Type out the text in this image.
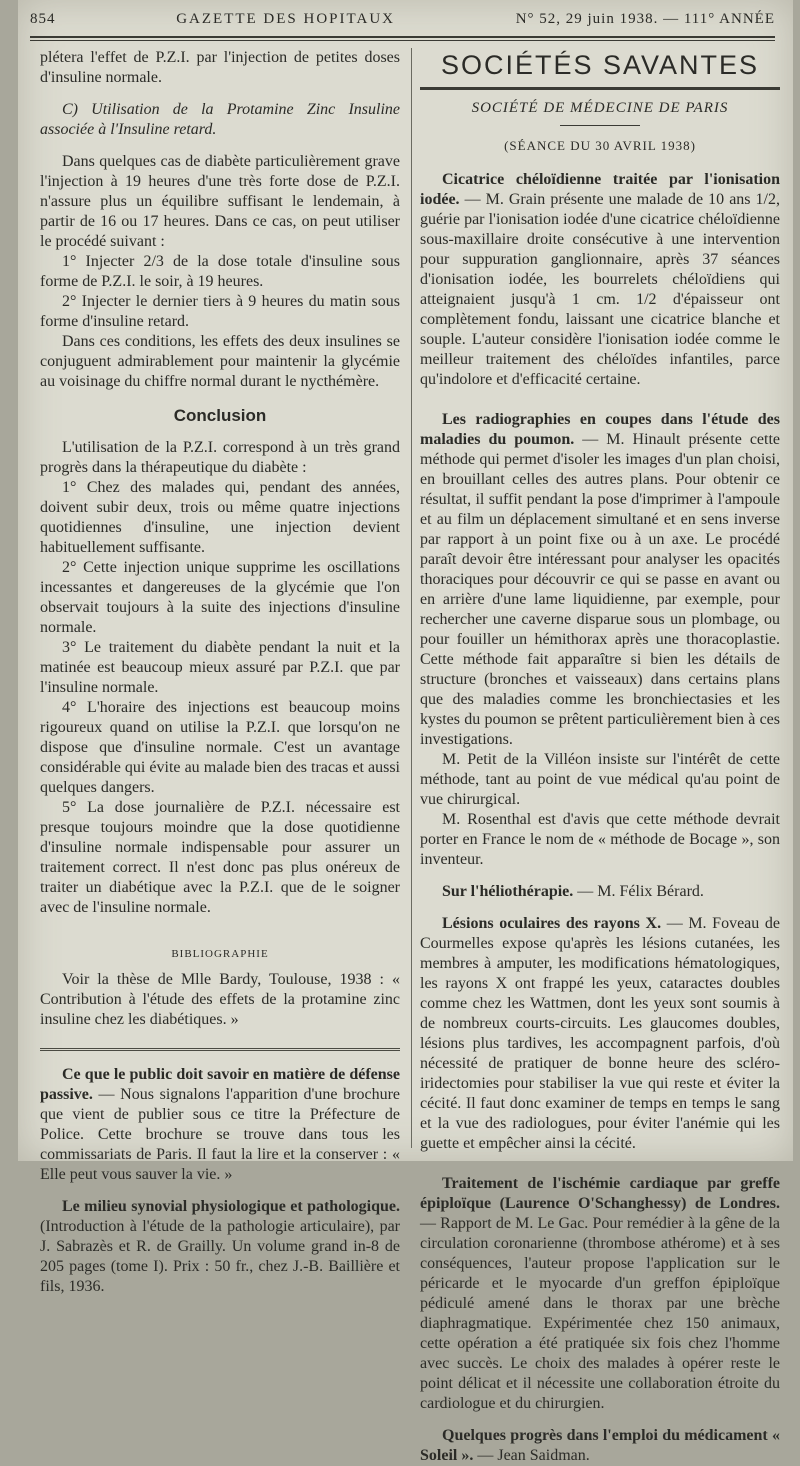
854	GAZETTE DES HOPITAUX	N° 52, 29 juin 1938. — 111° ANNÉE

plétera l'effet de P.Z.I. par l'injection de petites doses d'insuline normale.

C) Utilisation de la Protamine Zinc Insuline associée à l'Insuline retard.

Dans quelques cas de diabète particulièrement grave l'injection à 19 heures d'une très forte dose de P.Z.I. n'assure plus un équilibre suffisant le lendemain, à partir de 16 ou 17 heures. Dans ce cas, on peut utiliser le procédé suivant :

1° Injecter 2/3 de la dose totale d'insuline sous forme de P.Z.I. le soir, à 19 heures.

2° Injecter le dernier tiers à 9 heures du matin sous forme d'insuline retard.

Dans ces conditions, les effets des deux insulines se conjuguent admirablement pour maintenir la glycémie au voisinage du chiffre normal durant le nycthémère.

Conclusion

L'utilisation de la P.Z.I. correspond à un très grand progrès dans la thérapeutique du diabète :

1° Chez des malades qui, pendant des années, doivent subir deux, trois ou même quatre injections quotidiennes d'insuline, une injection devient habituellement suffisante.

2° Cette injection unique supprime les oscillations incessantes et dangereuses de la glycémie que l'on observait toujours à la suite des injections d'insuline normale.

3° Le traitement du diabète pendant la nuit et la matinée est beaucoup mieux assuré par P.Z.I. que par l'insuline normale.

4° L'horaire des injections est beaucoup moins rigoureux quand on utilise la P.Z.I. que lorsqu'on ne dispose que d'insuline normale. C'est un avantage considérable qui évite au malade bien des tracas et aussi quelques dangers.

5° La dose journalière de P.Z.I. nécessaire est presque toujours moindre que la dose quotidienne d'insuline normale indispensable pour assurer un traitement correct. Il n'est donc pas plus onéreux de traiter un diabétique avec la P.Z.I. que de le soigner avec de l'insuline normale.

BIBLIOGRAPHIE

Voir la thèse de Mlle Bardy, Toulouse, 1938 : « Contribution à l'étude des effets de la protamine zinc insuline chez les diabétiques. »

Ce que le public doit savoir en matière de défense passive. — Nous signalons l'apparition d'une brochure que vient de publier sous ce titre la Préfecture de Police. Cette brochure se trouve dans tous les commissariats de Paris. Il faut la lire et la conserver : « Elle peut vous sauver la vie. »

Le milieu synovial physiologique et pathologique. (Introduction à l'étude de la pathologie articulaire), par J. Sabrazès et R. de Grailly. Un volume grand in-8 de 205 pages (tome I). Prix : 50 fr., chez J.-B. Baillière et fils, 1936.

SOCIÉTÉS SAVANTES
SOCIÉTÉ DE MÉDECINE DE PARIS
(SÉANCE DU 30 AVRIL 1938)

Cicatrice chéloïdienne traitée par l'ionisation iodée. — M. Grain présente une malade de 10 ans 1/2, guérie par l'ionisation iodée d'une cicatrice chéloïdienne sous-maxillaire droite consécutive à une intervention pour suppuration ganglionnaire, après 37 séances d'ionisation iodée, les bourrelets chéloïdiens qui atteignaient jusqu'à 1 cm. 1/2 d'épaisseur ont complètement fondu, laissant une cicatrice blanche et souple. L'auteur considère l'ionisation iodée comme le meilleur traitement des chéloïdes infantiles, parce qu'indolore et d'efficacité certaine.

Les radiographies en coupes dans l'étude des maladies du poumon. — M. Hinault présente cette méthode qui permet d'isoler les images d'un plan choisi, en brouillant celles des autres plans. Pour obtenir ce résultat, il suffit pendant la pose d'imprimer à l'ampoule et au film un déplacement simultané et en sens inverse par rapport à un point fixe ou à un axe. Le procédé paraît devoir être intéressant pour analyser les opacités thoraciques pour découvrir ce qui se passe en avant ou en arrière d'une lame liquidienne, par exemple, pour rechercher une caverne disparue sous un plombage, ou pour fouiller un hémithorax après une thoracoplastie. Cette méthode fait apparaître si bien les détails de structure (bronches et vaisseaux) dans certains plans que des maladies comme les bronchiectasies et les kystes du poumon se prêtent particulièrement bien à ces investigations.

M. Petit de la Villéon insiste sur l'intérêt de cette méthode, tant au point de vue médical qu'au point de vue chirurgical.

M. Rosenthal est d'avis que cette méthode devrait porter en France le nom de « méthode de Bocage », son inventeur.

Sur l'héliothérapie. — M. Félix Bérard.

Lésions oculaires des rayons X. — M. Foveau de Courmelles expose qu'après les lésions cutanées, les membres à amputer, les modifications hématologiques, les rayons X ont frappé les yeux, cataractes doubles comme chez les Wattmen, dont les yeux sont soumis à de nombreux courts-circuits. Les glaucomes doubles, lésions plus tardives, les accompagnent parfois, d'où nécessité de pratiquer de bonne heure des scléro-iridectomies pour stabiliser la vue qui reste et éviter la cécité. Il faut donc examiner de temps en temps le sang et la vue des radiologues, pour éviter l'anémie qui les guette et empêcher ainsi la cécité.

Traitement de l'ischémie cardiaque par greffe épiploïque (Laurence O'Schanghessy) de Londres. — Rapport de M. Le Gac. Pour remédier à la gêne de la circulation coronarienne (thrombose athérome) et à ses conséquences, l'auteur propose l'application sur le péricarde et le myocarde d'un greffon épiploïque pédiculé amené dans le thorax par une brèche diaphragmatique. Expérimentée chez 150 animaux, cette opération a été pratiquée six fois chez l'homme avec succès. Le choix des malades à opérer reste le point délicat et il nécessite une collaboration étroite du cardiologue et du chirurgien.

Quelques progrès dans l'emploi du médicament « Soleil ». — Jean Saidman.
